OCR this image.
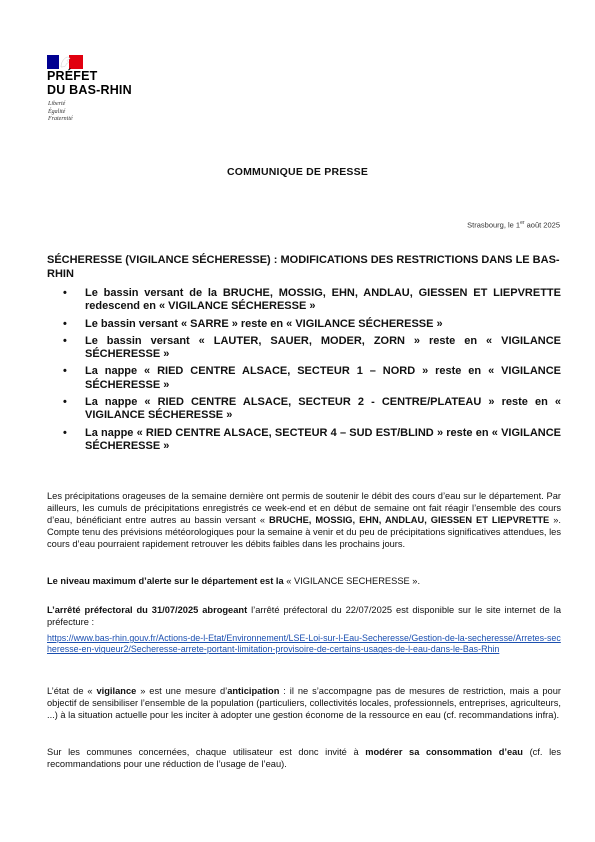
PRÉFET
DU BAS-RHIN
Liberté
Égalité
Fraternité
COMMUNIQUE DE PRESSE
Strasbourg, le 1er août 2025
SÉCHERESSE (VIGILANCE SÉCHERESSE) : MODIFICATIONS DES RESTRICTIONS DANS LE BAS-RHIN
• Le bassin versant de la BRUCHE, MOSSIG, EHN, ANDLAU, GIESSEN ET LIEPVRETTE redescend en « VIGILANCE SÉCHERESSE »
• Le bassin versant « SARRE » reste en « VIGILANCE SÉCHERESSE »
• Le bassin versant « LAUTER, SAUER, MODER, ZORN » reste en « VIGILANCE SÉCHERESSE »
• La nappe « RIED CENTRE ALSACE, SECTEUR 1 – NORD » reste en « VIGILANCE SÉCHERESSE »
• La nappe « RIED CENTRE ALSACE, SECTEUR 2 - CENTRE/PLATEAU » reste en « VIGILANCE SÉCHERESSE »
• La nappe « RIED CENTRE ALSACE, SECTEUR 4 – SUD EST/BLIND » reste en « VIGILANCE SÉCHERESSE »
Les précipitations orageuses de la semaine dernière ont permis de soutenir le débit des cours d’eau sur le département. Par ailleurs, les cumuls de précipitations enregistrés ce week-end et en début de semaine ont fait réagir l’ensemble des cours d’eau, bénéficiant entre autres au bassin versant « BRUCHE, MOSSIG, EHN, ANDLAU, GIESSEN ET LIEPVRETTE ». Compte tenu des prévisions météorologiques pour la semaine à venir et du peu de précipitations significatives attendues, les cours d’eau pourraient rapidement retrouver les débits faibles dans les prochains jours.
Le niveau maximum d’alerte sur le département est la « VIGILANCE SECHERESSE ».
L’arrêté préfectoral du 31/07/2025 abrogeant l’arrêté préfectoral du 22/07/2025 est disponible sur le site internet de la préfecture :
https://www.bas-rhin.gouv.fr/Actions-de-l-Etat/Environnement/LSE-Loi-sur-l-Eau-Secheresse/Gestion-de-la-secheresse/Arretes-secheresse-en-vigueur2/Secheresse-arrete-portant-limitation-provisoire-de-certains-usages-de-l-eau-dans-le-Bas-Rhin
L’état de « vigilance » est une mesure d’anticipation : il ne s’accompagne pas de mesures de restriction, mais a pour objectif de sensibiliser l’ensemble de la population (particuliers, collectivités locales, professionnels, entreprises, agriculteurs, ...) à la situation actuelle pour les inciter à adopter une gestion économe de la ressource en eau (cf. recommandations infra).
Sur les communes concernées, chaque utilisateur est donc invité à modérer sa consommation d’eau (cf. les recommandations pour une réduction de l’usage de l’eau).
